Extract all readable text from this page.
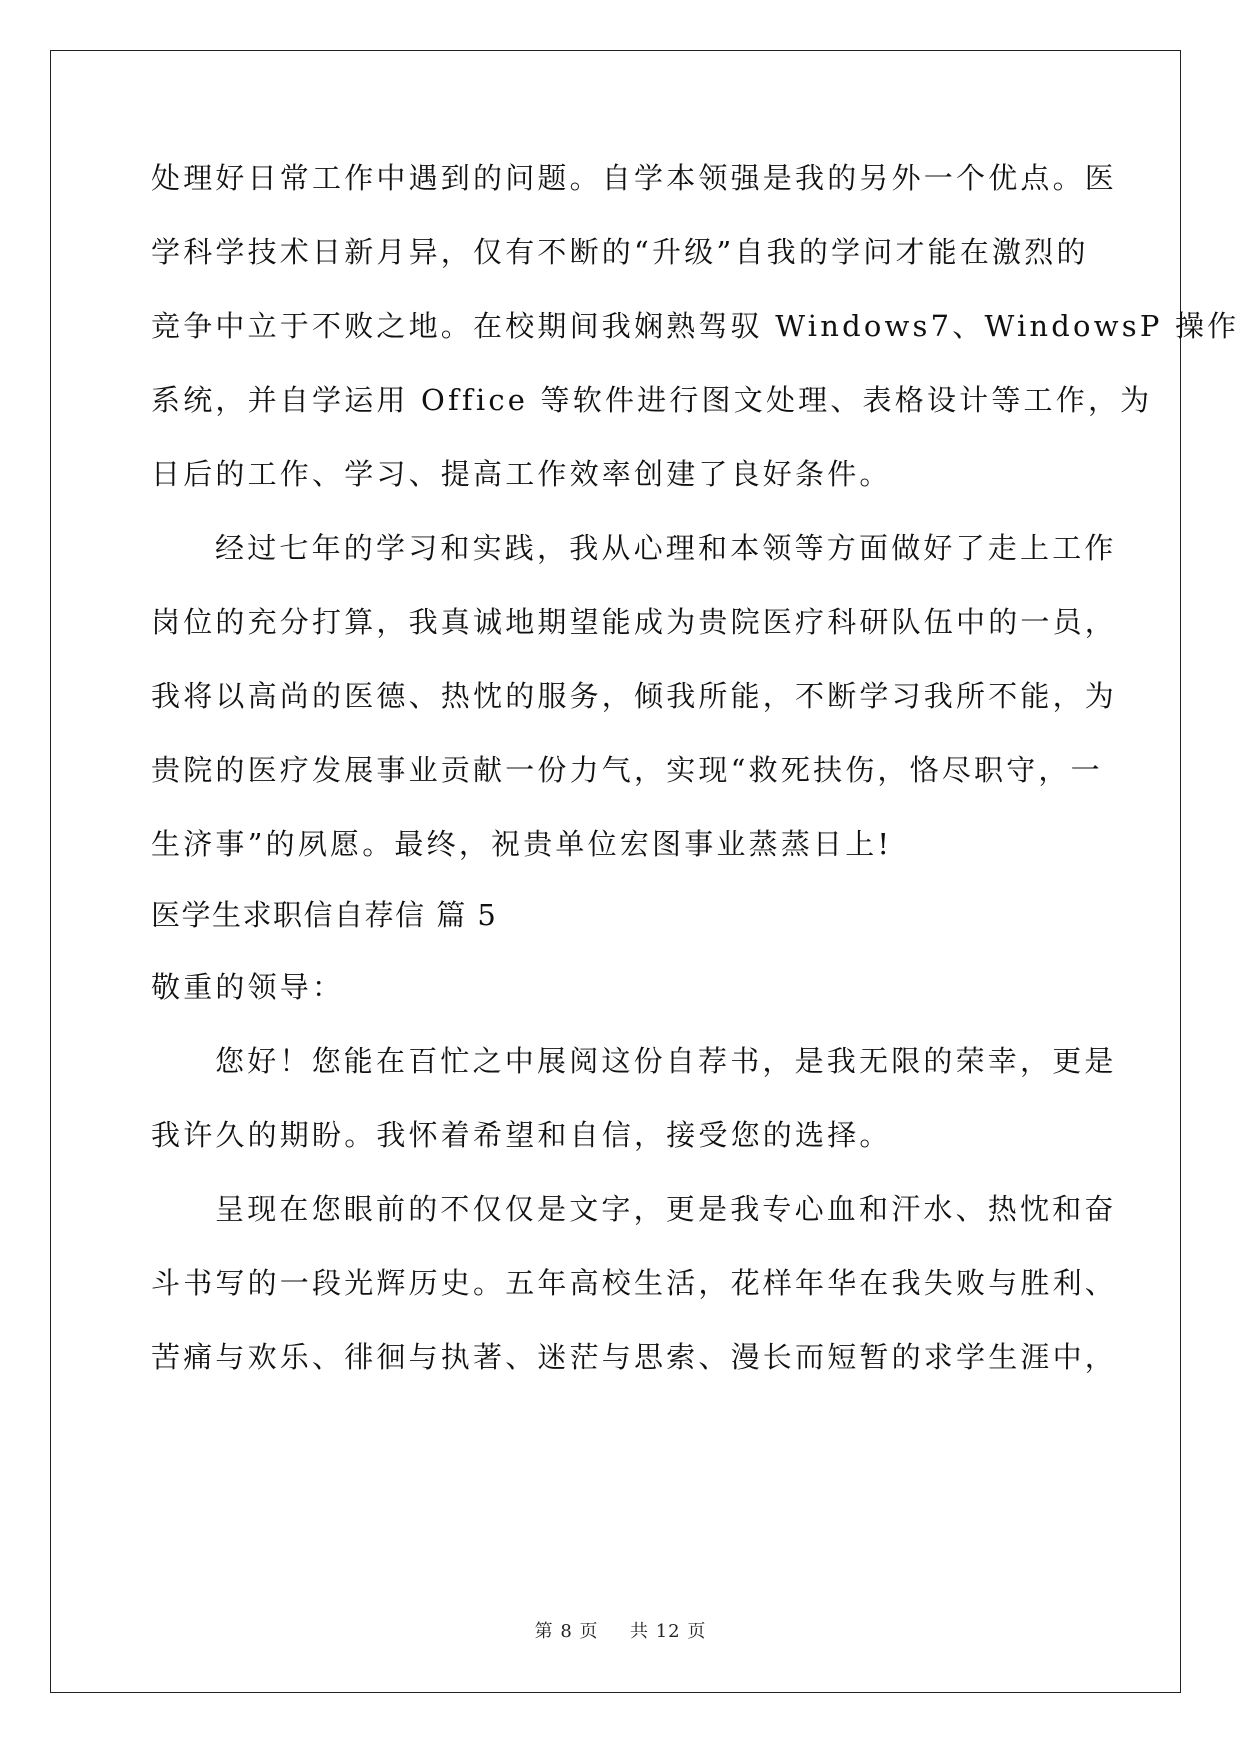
处理好日常工作中遇到的问题。自学本领强是我的另外一个优点。医
学科学技术日新月异，仅有不断的“升级”自我的学问才能在激烈的
竞争中立于不败之地。在校期间我娴熟驾驭 Windows7、WindowsP 操作
系统，并自学运用 Office 等软件进行图文处理、表格设计等工作，为
日后的工作、学习、提高工作效率创建了良好条件。
经过七年的学习和实践，我从心理和本领等方面做好了走上工作
岗位的充分打算，我真诚地期望能成为贵院医疗科研队伍中的一员，
我将以高尚的医德、热忱的服务，倾我所能，不断学习我所不能，为
贵院的医疗发展事业贡献一份力气，实现“救死扶伤，恪尽职守，一
生济事”的夙愿。最终，祝贵单位宏图事业蒸蒸日上!
医学生求职信自荐信 篇 5
敬重的领导：
您好！您能在百忙之中展阅这份自荐书，是我无限的荣幸，更是
我许久的期盼。我怀着希望和自信，接受您的选择。
呈现在您眼前的不仅仅是文字，更是我专心血和汗水、热忱和奋
斗书写的一段光辉历史。五年高校生活，花样年华在我失败与胜利、
苦痛与欢乐、徘徊与执著、迷茫与思索、漫长而短暂的求学生涯中，
第 8 页 共 12 页
